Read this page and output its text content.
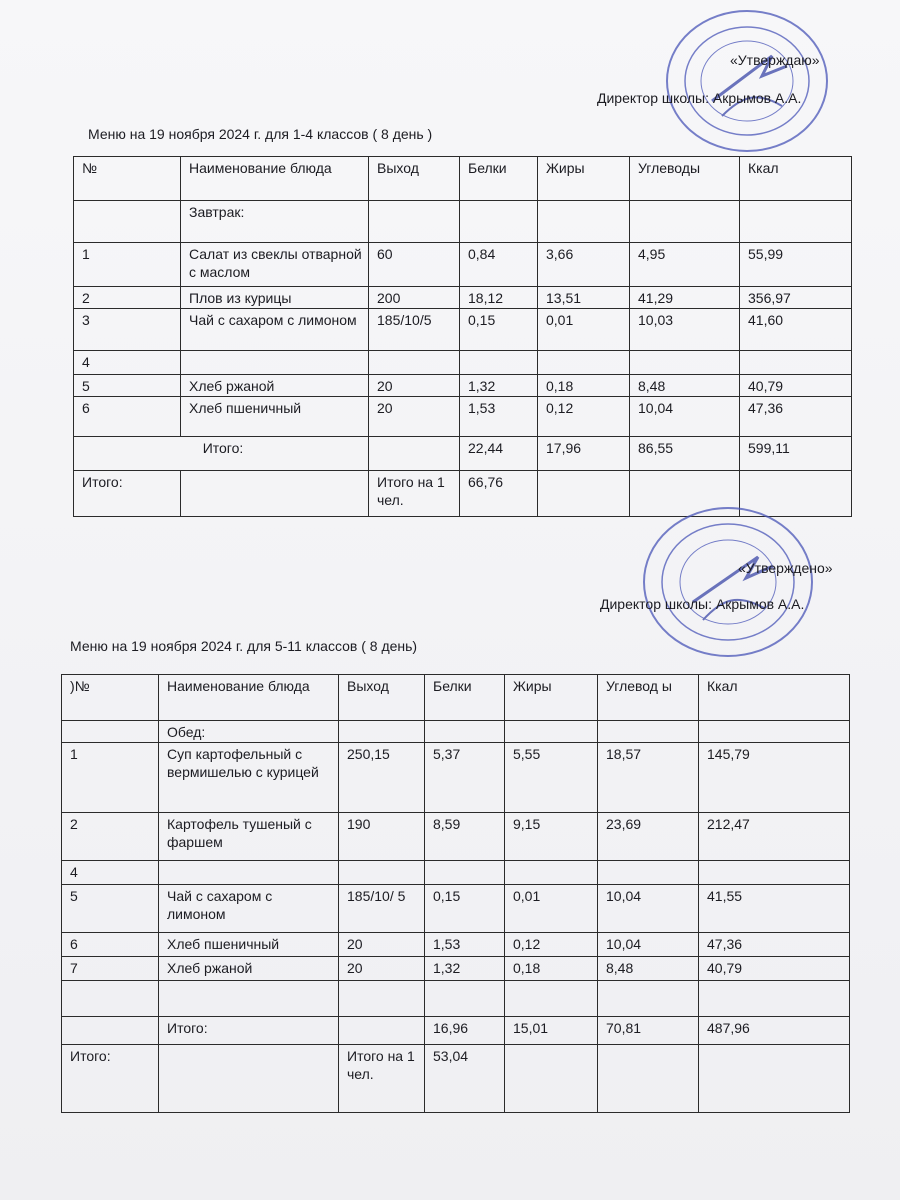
«Утверждаю»
Директор школы: Акрымов А.А.
Меню на 19 ноября 2024 г. для 1-4 классов ( 8 день )
№	Наименование блюда	Выход	Белки	Жиры	Углеводы	Ккал
	Завтрак:					
1	Салат из свеклы отварной с маслом	60	0,84	3,66	4,95	55,99
2	Плов из курицы	200	18,12	13,51	41,29	356,97
3	Чай с сахаром с лимоном	185/10/5	0,15	0,01	10,03	41,60
4						
5	Хлеб ржаной	20	1,32	0,18	8,48	40,79
6	Хлеб пшеничный	20	1,53	0,12	10,04	47,36
Итого:			22,44	17,96	86,55	599,11
Итого:		Итого на 1 чел.	66,76			
«Утверждено»
Директор школы: Акрымов А.А.
Меню на 19 ноября 2024 г. для 5-11 классов ( 8 день)
)№	Наименование блюда	Выход	Белки	Жиры	Углевод ы	Ккал
	Обед:					
1	Суп картофельный с вермишелью с курицей	250,15	5,37	5,55	18,57	145,79
2	Картофель тушеный с фаршем	190	8,59	9,15	23,69	212,47
4						
5	Чай с сахаром с лимоном	185/10/ 5	0,15	0,01	10,04	41,55
6	Хлеб пшеничный	20	1,53	0,12	10,04	47,36
7	Хлеб ржаной	20	1,32	0,18	8,48	40,79

	Итого:		16,96	15,01	70,81	487,96
Итого:		Итого на 1 чел.	53,04			
